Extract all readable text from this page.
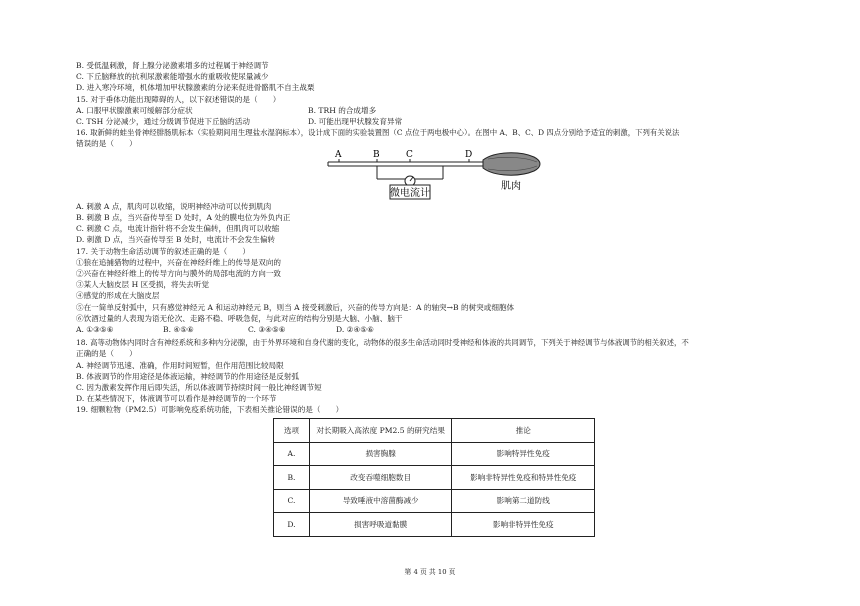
B. 受低温刺激，肾上腺分泌激素增多的过程属于神经调节
C. 下丘脑释放的抗利尿激素能增强水的重吸收使尿量减少
D. 进入寒冷环境，机体增加甲状腺激素的分泌来促进骨骼肌不自主战栗
15. 对于垂体功能出现障碍的人，以下叙述错误的是（　　）
A. 口服甲状腺激素可缓解部分症状	B. TRH 的合成增多
C. TSH 分泌减少，通过分级调节促进下丘脑的活动	D. 可能出现甲状腺发育异常
16. 取新鲜的蛙坐骨神经腓肠肌标本（实验期间用生理盐水湿润标本），设计成下面的实验装置图（C 点位于两电极中心）。在图中 A、B、C、D 四点分别给予适宜的刺激，下列有关说法
错误的是（　　）
A	B	C	D
微电流计
肌肉
A. 刺激 A 点，肌肉可以收缩，说明神经冲动可以传到肌肉
B. 刺激 B 点，当兴奋传导至 D 处时，A 处的膜电位为外负内正
C. 刺激 C 点，电流计指针将不会发生偏转，但肌肉可以收缩
D. 刺激 D 点，当兴奋传导至 B 处时，电流计不会发生偏转
17. 关于动物生命活动调节的叙述正确的是（　　）
①狼在追捕猎物的过程中，兴奋在神经纤维上的传导是双向的
②兴奋在神经纤维上的传导方向与膜外的局部电流的方向一致
③某人大脑皮层 H 区受损，将失去听觉
④感觉的形成在大脑皮层
⑤在一简单反射弧中，只有感觉神经元 A 和运动神经元 B，则当 A 接受刺激后，兴奋的传导方向是：A 的轴突→B 的树突或细胞体
⑥饮酒过量的人表现为语无伦次、走路不稳、呼吸急促，与此对应的结构分别是大脑、小脑、脑干
A. ①③⑤⑥	B. ④⑤⑥	C. ③④⑤⑥	D. ②④⑤⑥
18. 高等动物体内同时含有神经系统和多种内分泌腺，由于外界环境和自身代谢的变化，动物体的很多生命活动同时受神经和体液的共同调节，下列关于神经调节与体液调节的相关叙述，不
正确的是（　　）
A. 神经调节迅速、准确，作用时间短暂，但作用范围比较局限
B. 体液调节的作用途径是体液运输，神经调节的作用途径是反射弧
C. 因为激素发挥作用后即失活，所以体液调节持续时间一般比神经调节短
D. 在某些情况下，体液调节可以看作是神经调节的一个环节
19. 细颗粒物（PM2.5）可影响免疫系统功能，下表相关推论错误的是（　　）
选项	对长期吸入高浓度 PM2.5 的研究结果	推论
A.	损害胸腺	影响特异性免疫
B.	改变吞噬细胞数目	影响非特异性免疫和特异性免疫
C.	导致唾液中溶菌酶减少	影响第二道防线
D.	损害呼吸道黏膜	影响非特异性免疫
第 4 页 共 10 页
